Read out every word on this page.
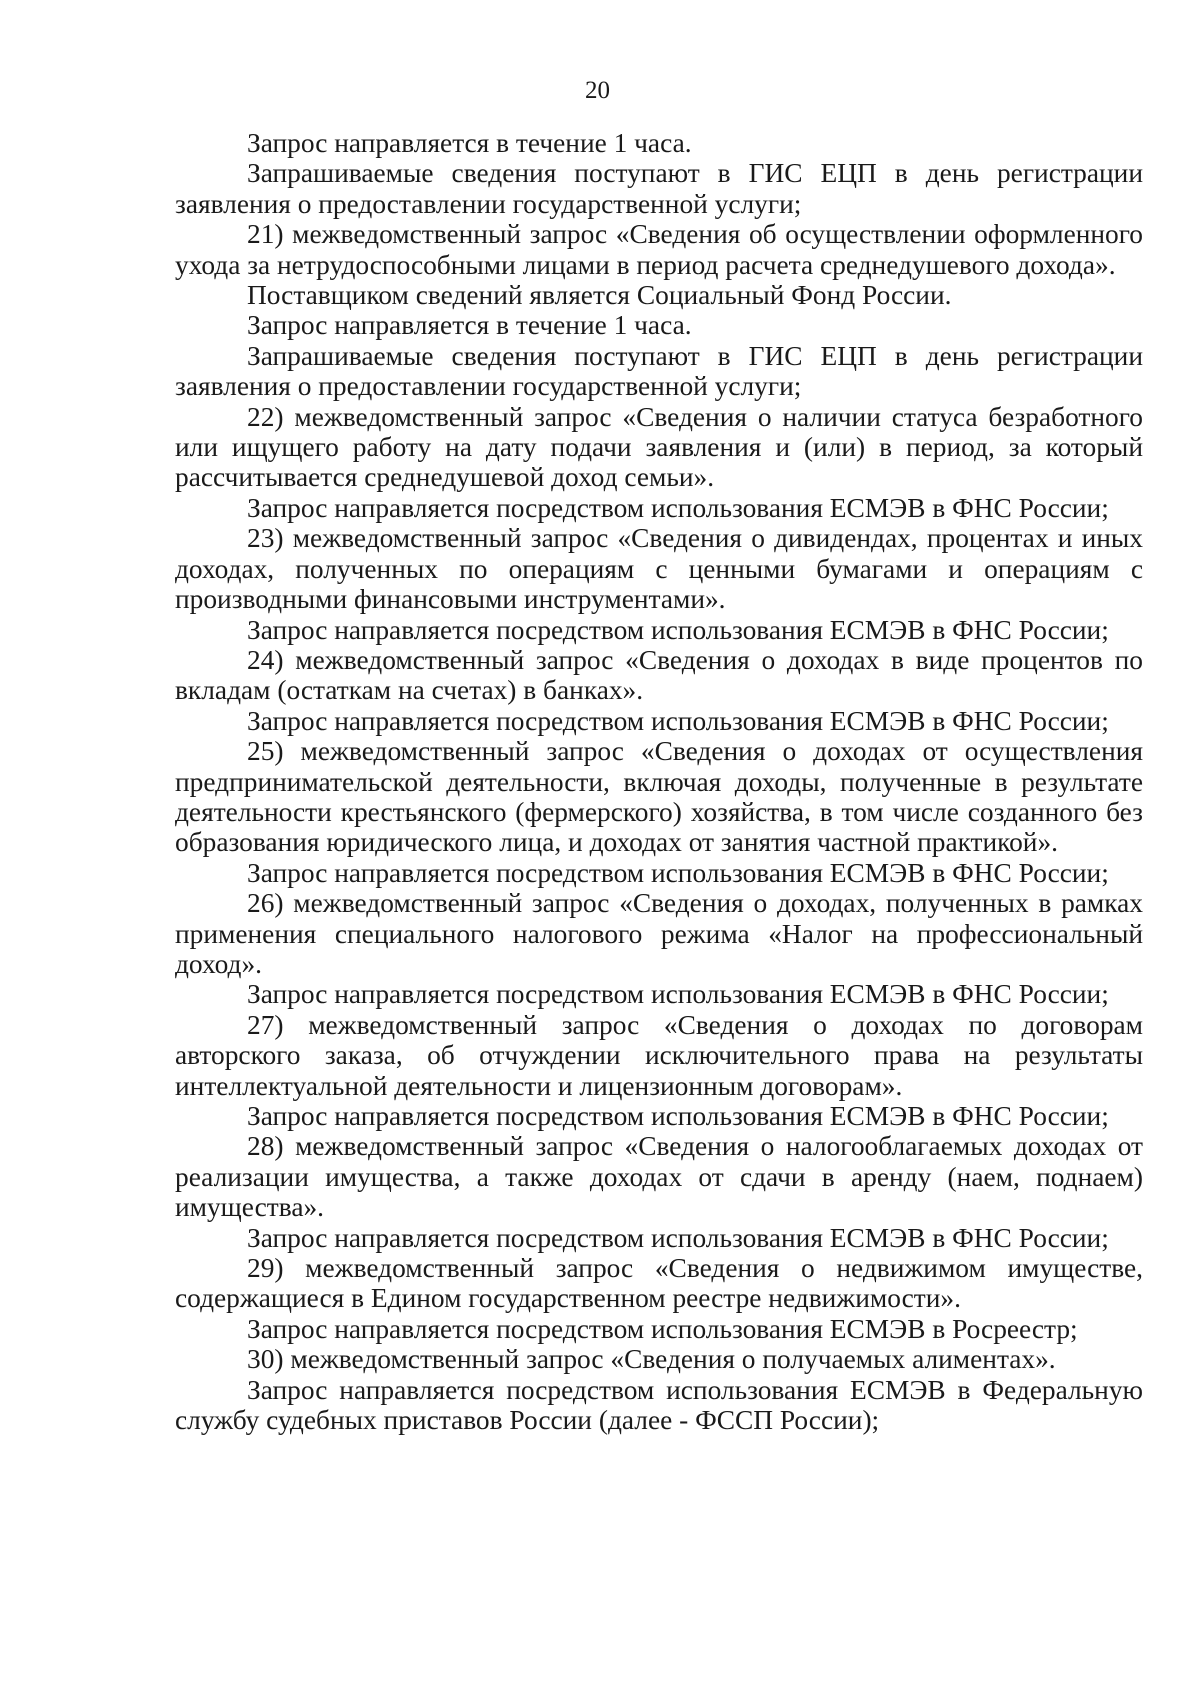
20

Запрос направляется в течение 1 часа.

Запрашиваемые сведения поступают в ГИС ЕЦП в день регистрации заявления о предоставлении государственной услуги;

21) межведомственный запрос «Сведения об осуществлении оформленного ухода за нетрудоспособными лицами в период расчета среднедушевого дохода».

Поставщиком сведений является Социальный Фонд России.

Запрос направляется в течение 1 часа.

Запрашиваемые сведения поступают в ГИС ЕЦП в день регистрации заявления о предоставлении государственной услуги;

22) межведомственный запрос «Сведения о наличии статуса безработного или ищущего работу на дату подачи заявления и (или) в период, за который рассчитывается среднедушевой доход семьи».

Запрос направляется посредством использования ЕСМЭВ в ФНС России;

23) межведомственный запрос «Сведения о дивидендах, процентах и иных доходах, полученных по операциям с ценными бумагами и операциям с производными финансовыми инструментами».

Запрос направляется посредством использования ЕСМЭВ в ФНС России;

24) межведомственный запрос «Сведения о доходах в виде процентов по вкладам (остаткам на счетах) в банках».

Запрос направляется посредством использования ЕСМЭВ в ФНС России;

25) межведомственный запрос «Сведения о доходах от осуществления предпринимательской деятельности, включая доходы, полученные в результате деятельности крестьянского (фермерского) хозяйства, в том числе созданного без образования юридического лица, и доходах от занятия частной практикой».

Запрос направляется посредством использования ЕСМЭВ в ФНС России;

26) межведомственный запрос «Сведения о доходах, полученных в рамках применения специального налогового режима «Налог на профессиональный доход».

Запрос направляется посредством использования ЕСМЭВ в ФНС России;

27) межведомственный запрос «Сведения о доходах по договорам авторского заказа, об отчуждении исключительного права на результаты интеллектуальной деятельности и лицензионным договорам».

Запрос направляется посредством использования ЕСМЭВ в ФНС России;

28) межведомственный запрос «Сведения о налогооблагаемых доходах от реализации имущества, а также доходах от сдачи в аренду (наем, поднаем) имущества».

Запрос направляется посредством использования ЕСМЭВ в ФНС России;

29) межведомственный запрос «Сведения о недвижимом имуществе, содержащиеся в Едином государственном реестре недвижимости».

Запрос направляется посредством использования ЕСМЭВ в Росреестр;

30) межведомственный запрос «Сведения о получаемых алиментах».

Запрос направляется посредством использования ЕСМЭВ в Федеральную службу судебных приставов России (далее - ФССП России);
